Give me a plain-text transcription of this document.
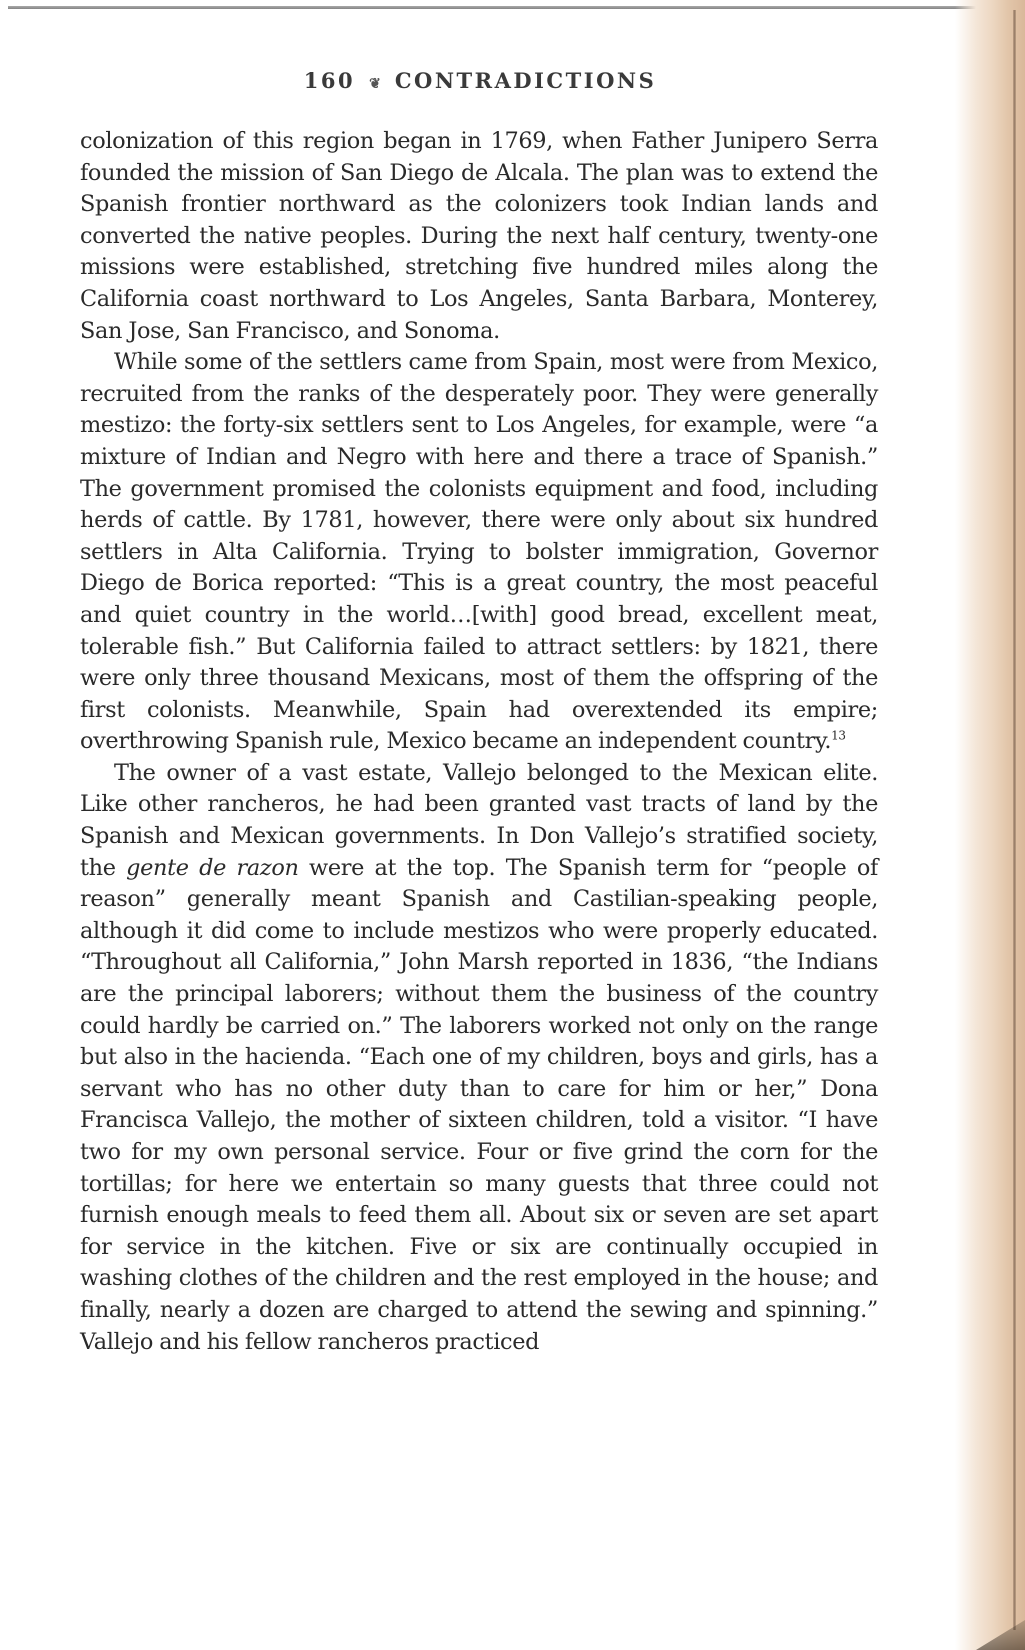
160 ❦ CONTRADICTIONS

colonization of this region began in 1769, when Father Junipero Serra founded the mission of San Diego de Alcala. The plan was to extend the Spanish frontier northward as the colonizers took Indian lands and converted the native peoples. During the next half century, twenty-one missions were established, stretching five hundred miles along the California coast northward to Los Angeles, Santa Barbara, Monterey, San Jose, San Francisco, and Sonoma.

While some of the settlers came from Spain, most were from Mexico, recruited from the ranks of the desperately poor. They were generally mestizo: the forty-six settlers sent to Los Angeles, for example, were “a mixture of Indian and Negro with here and there a trace of Spanish.” The government promised the colonists equipment and food, including herds of cattle. By 1781, however, there were only about six hundred settlers in Alta California. Trying to bolster immigration, Governor Diego de Borica reported: “This is a great country, the most peaceful and quiet country in the world…[with] good bread, excellent meat, tolerable fish.” But California failed to attract settlers: by 1821, there were only three thousand Mexicans, most of them the offspring of the first colonists. Meanwhile, Spain had overextended its empire; overthrowing Spanish rule, Mexico became an independent country.$^{13}$

The owner of a vast estate, Vallejo belonged to the Mexican elite. Like other rancheros, he had been granted vast tracts of land by the Spanish and Mexican governments. In Don Vallejo’s stratified society, the gente de razon were at the top. The Spanish term for “people of reason” generally meant Spanish and Castilian-speaking people, although it did come to include mestizos who were properly educated. “Throughout all California,” John Marsh reported in 1836, “the Indians are the principal laborers; without them the business of the country could hardly be carried on.” The laborers worked not only on the range but also in the hacienda. “Each one of my children, boys and girls, has a servant who has no other duty than to care for him or her,” Dona Francisca Vallejo, the mother of sixteen children, told a visitor. “I have two for my own personal service. Four or five grind the corn for the tortillas; for here we entertain so many guests that three could not furnish enough meals to feed them all. About six or seven are set apart for service in the kitchen. Five or six are continually occupied in washing clothes of the children and the rest employed in the house; and finally, nearly a dozen are charged to attend the sewing and spinning.” Vallejo and his fellow rancheros practiced
